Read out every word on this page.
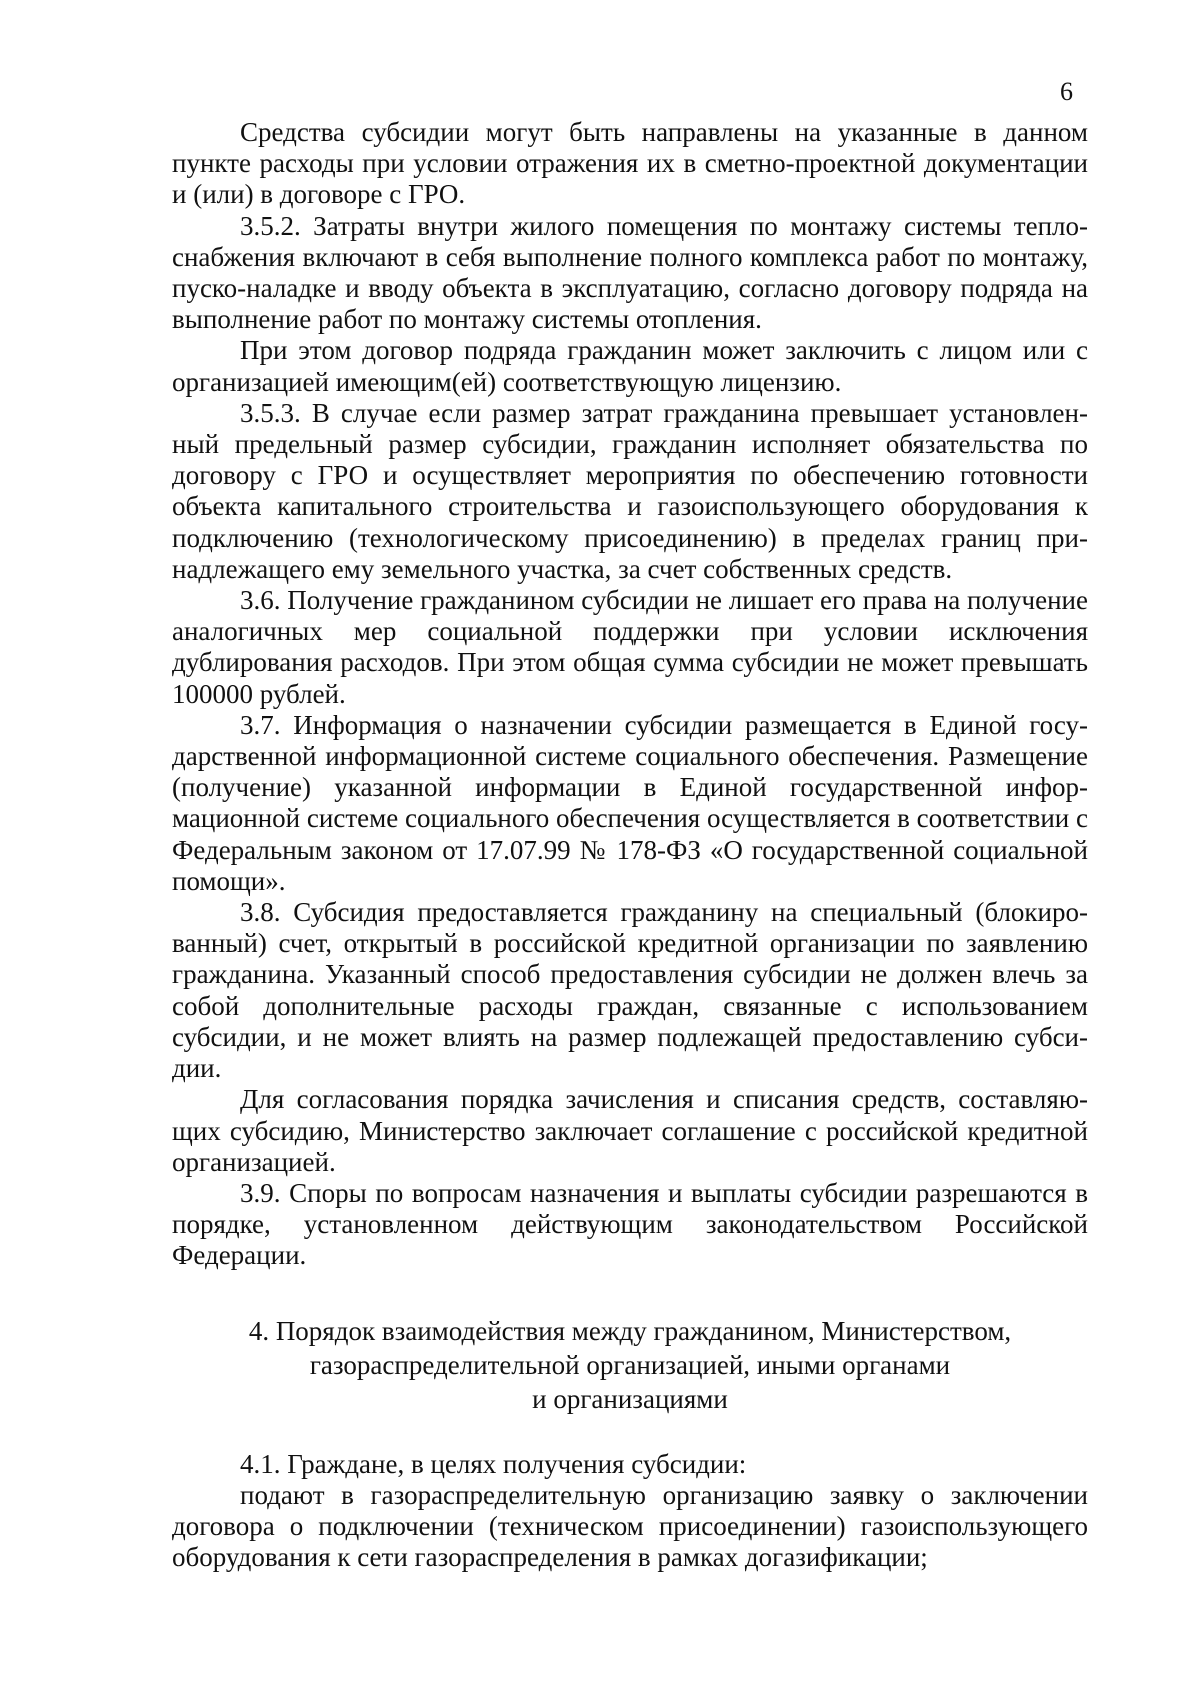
6

Средства субсидии могут быть направлены на указанные в данном пункте расходы при условии отражения их в сметно-проектной документации и (или) в договоре с ГРО.

3.5.2. Затраты внутри жилого помещения по монтажу системы теплоснабжения включают в себя выполнение полного комплекса работ по монтажу, пуско-наладке и вводу объекта в эксплуатацию, согласно договору подряда на выполнение работ по монтажу системы отопления.

При этом договор подряда гражданин может заключить с лицом или с организацией имеющим(ей) соответствующую лицензию.

3.5.3. В случае если размер затрат гражданина превышает установленный предельный размер субсидии, гражданин исполняет обязательства по договору с ГРО и осуществляет мероприятия по обеспечению готовности объекта капитального строительства и газоиспользующего оборудования к подключению (технологическому присоединению) в пределах границ принадлежащего ему земельного участка, за счет собственных средств.

3.6. Получение гражданином субсидии не лишает его права на получение аналогичных мер социальной поддержки при условии исключения дублирования расходов. При этом общая сумма субсидии не может превышать 100000 рублей.

3.7. Информация о назначении субсидии размещается в Единой государственной информационной системе социального обеспечения. Размещение (получение) указанной информации в Единой государственной информационной системе социального обеспечения осуществляется в соответствии с Федеральным законом от 17.07.99 № 178-ФЗ «О государственной социальной помощи».

3.8. Субсидия предоставляется гражданину на специальный (блокированный) счет, открытый в российской кредитной организации по заявлению гражданина. Указанный способ предоставления субсидии не должен влечь за собой дополнительные расходы граждан, связанные с использованием субсидии, и не может влиять на размер подлежащей предоставлению субсидии.

Для согласования порядка зачисления и списания средств, составляющих субсидию, Министерство заключает соглашение с российской кредитной организацией.

3.9. Споры по вопросам назначения и выплаты субсидии разрешаются в порядке, установленном действующим законодательством Российской Федерации.

4. Порядок взаимодействия между гражданином, Министерством,
газораспределительной организацией, иными органами
и организациями

4.1. Граждане, в целях получения субсидии:

подают в газораспределительную организацию заявку о заключении договора о подключении (техническом присоединении) газоиспользующего оборудования к сети газораспределения в рамках догазификации;
